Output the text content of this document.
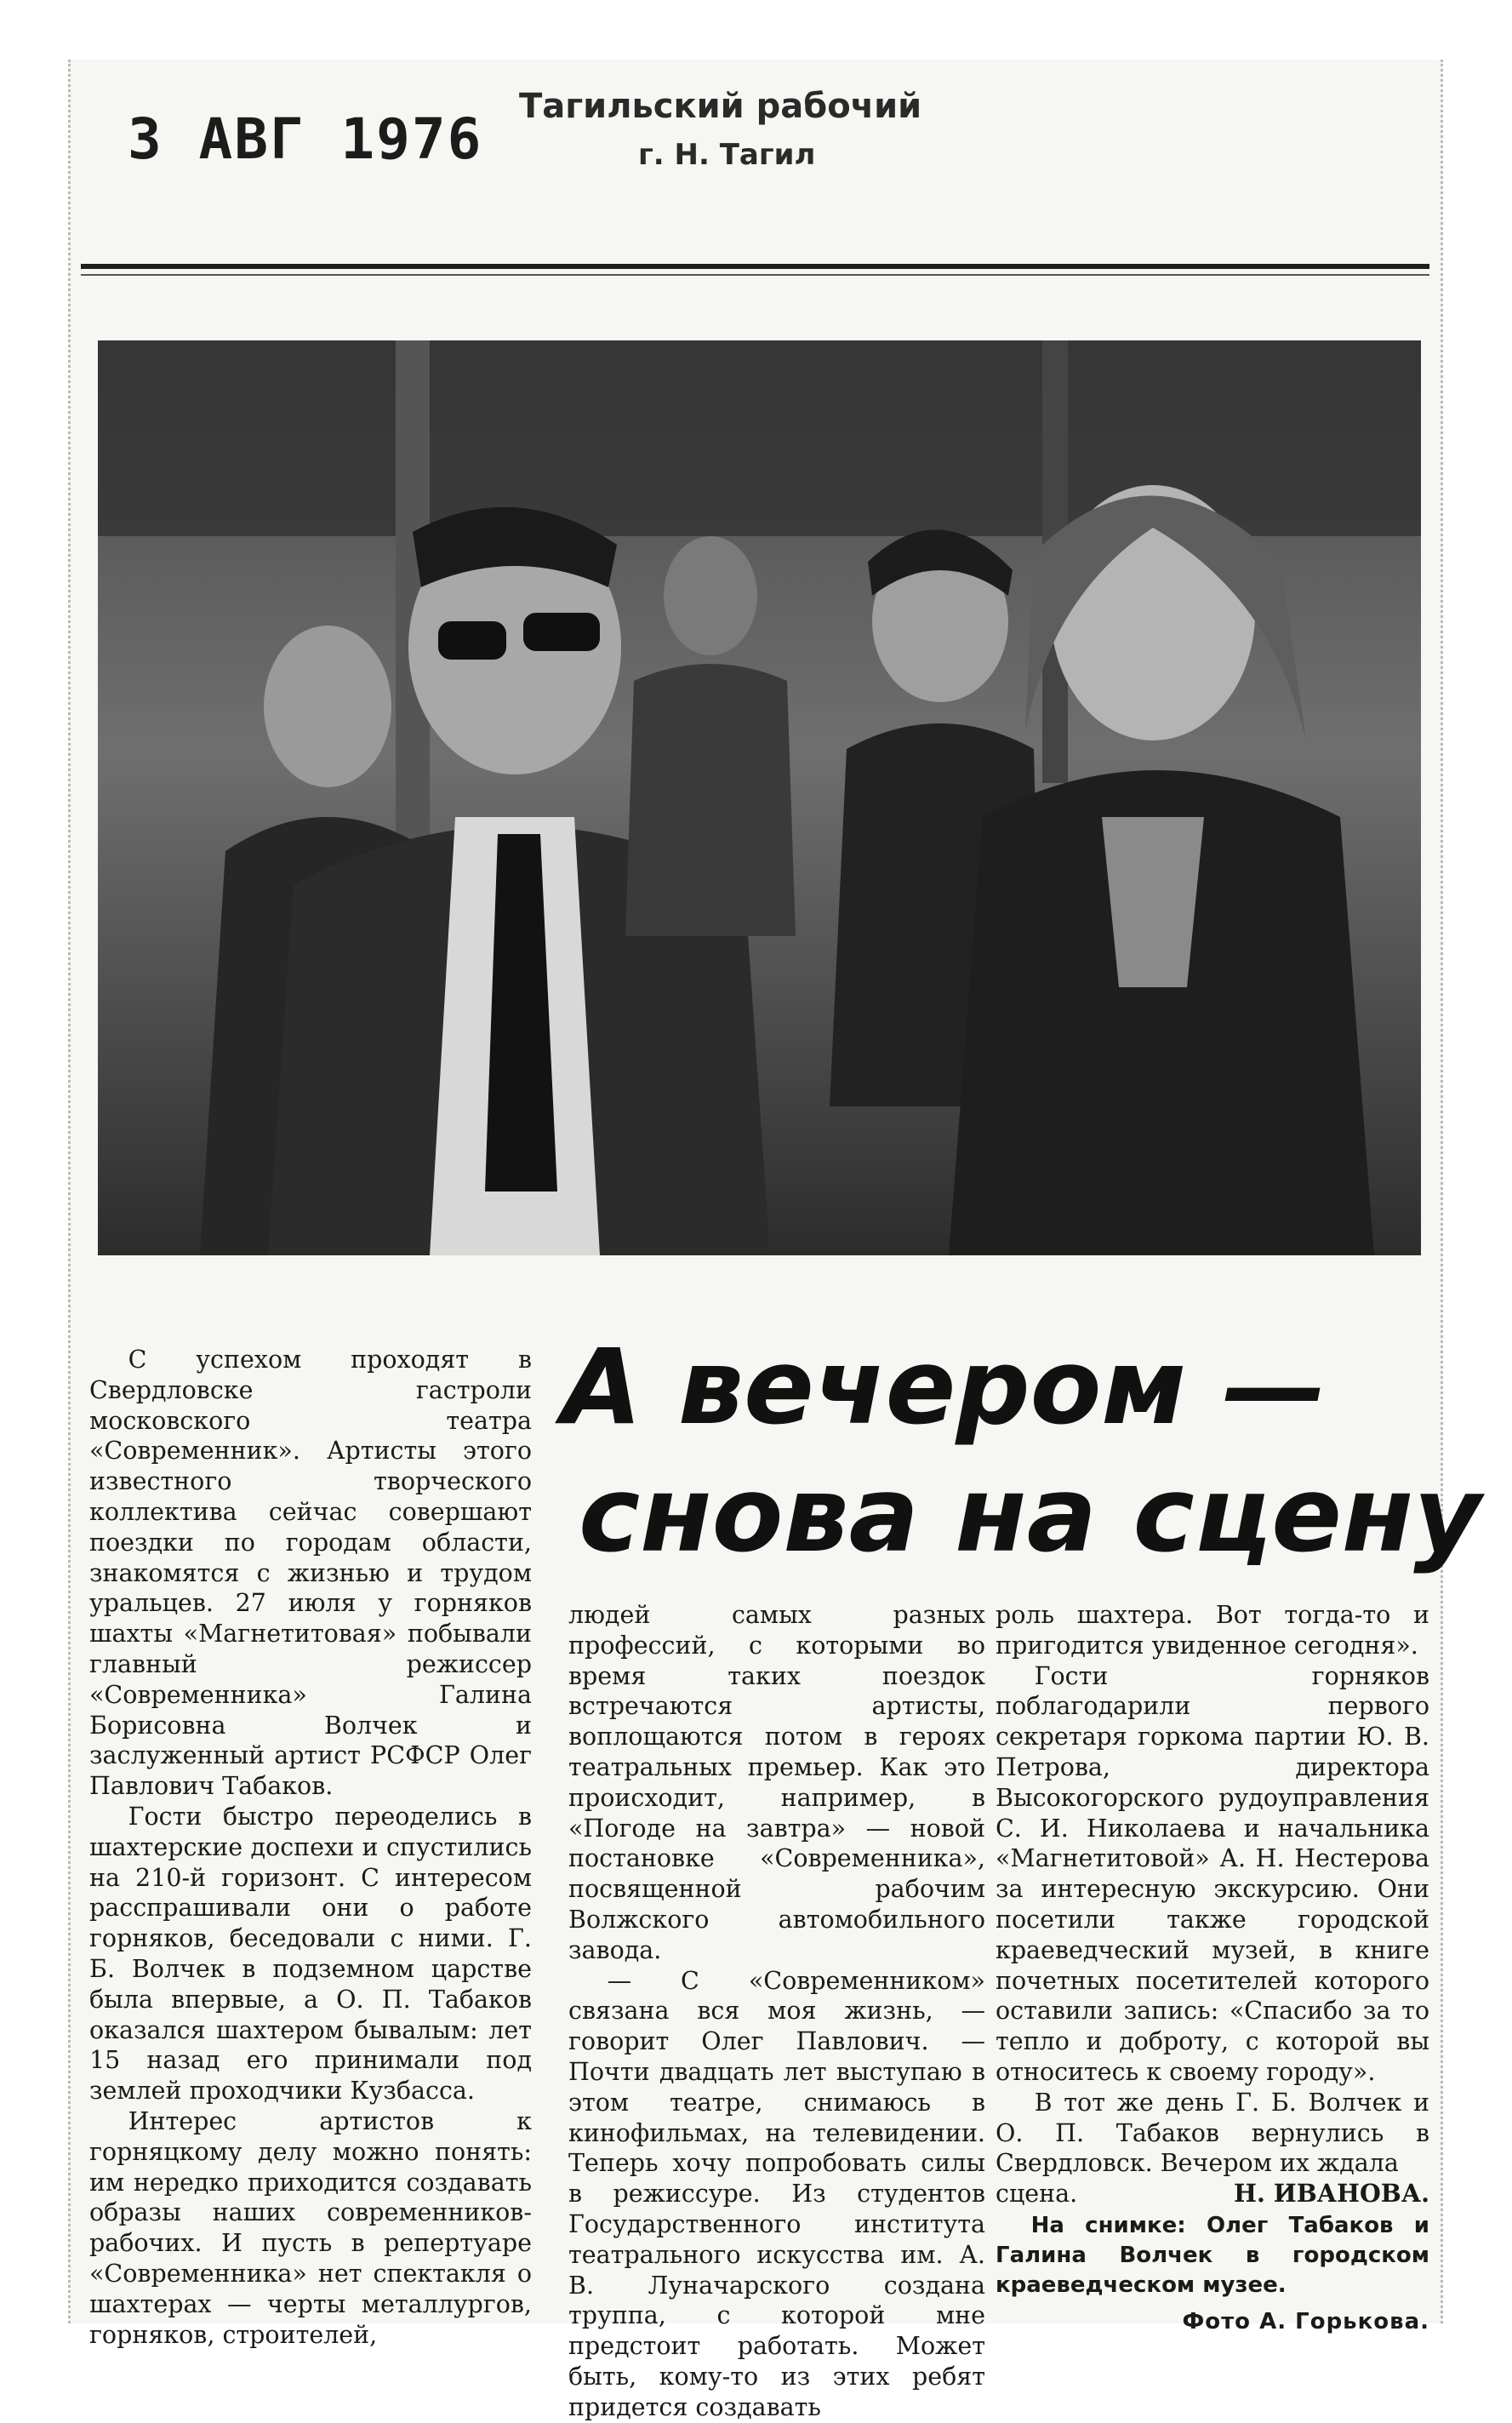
3 АВГ 1976 Тагильский рабочий
г. Н. Тагил
А вечером —
снова на сцену

С успехом проходят в Свердловске гастроли московского театра «Современник». Артисты этого известного творческого коллектива сейчас совершают поездки по городам области, знакомятся с жизнью и трудом уральцев. 27 июля у горняков шахты «Магнетитовая» побывали главный режиссер «Современника» Галина Борисовна Волчек и заслуженный артист РСФСР Олег Павлович Табаков.

Гости быстро переоделись в шахтерские доспехи и спустились на 210-й горизонт. С интересом расспрашивали они о работе горняков, беседовали с ними. Г. Б. Волчек в подземном царстве была впервые, а О. П. Табаков оказался шахтером бывалым: лет 15 назад его принимали под землей проходчики Кузбасса.

Интерес артистов к горняцкому делу можно понять: им нередко приходится создавать образы наших современников-рабочих. И пусть в репертуаре «Современника» нет спектакля о шахтерах — черты металлургов, горняков, строителей,

людей самых разных профессий, с которыми во время таких поездок встречаются артисты, воплощаются потом в героях театральных премьер. Как это происходит, например, в «Погоде на завтра» — новой постановке «Современника», посвященной рабочим Волжского автомобильного завода.

— С «Современником» связана вся моя жизнь, — говорит Олег Павлович. — Почти двадцать лет выступаю в этом театре, снимаюсь в кинофильмах, на телевидении. Теперь хочу попробовать силы в режиссуре. Из студентов Государственного института театрального искусства им. А. В. Луначарского создана труппа, с которой мне предстоит работать. Может быть, кому-то из этих ребят придется создавать

роль шахтера. Вот тогда-то и пригодится увиденное сегодня».

Гости горняков поблагодарили первого секретаря горкома партии Ю. В. Петрова, директора Высокогорского рудоуправления С. И. Николаева и начальника «Магнетитовой» А. Н. Нестерова за интересную экскурсию. Они посетили также городской краеведческий музей, в книге почетных посетителей которого оставили запись: «Спасибо за то тепло и доброту, с которой вы относитесь к своему городу».

В тот же день Г. Б. Волчек и О. П. Табаков вернулись в Свердловск. Вечером их ждала

сцена.	Н. ИВАНОВА.
На снимке: Олег Табаков и Галина Волчек в городском краеведческом музее.
Фото А. Горькова.
